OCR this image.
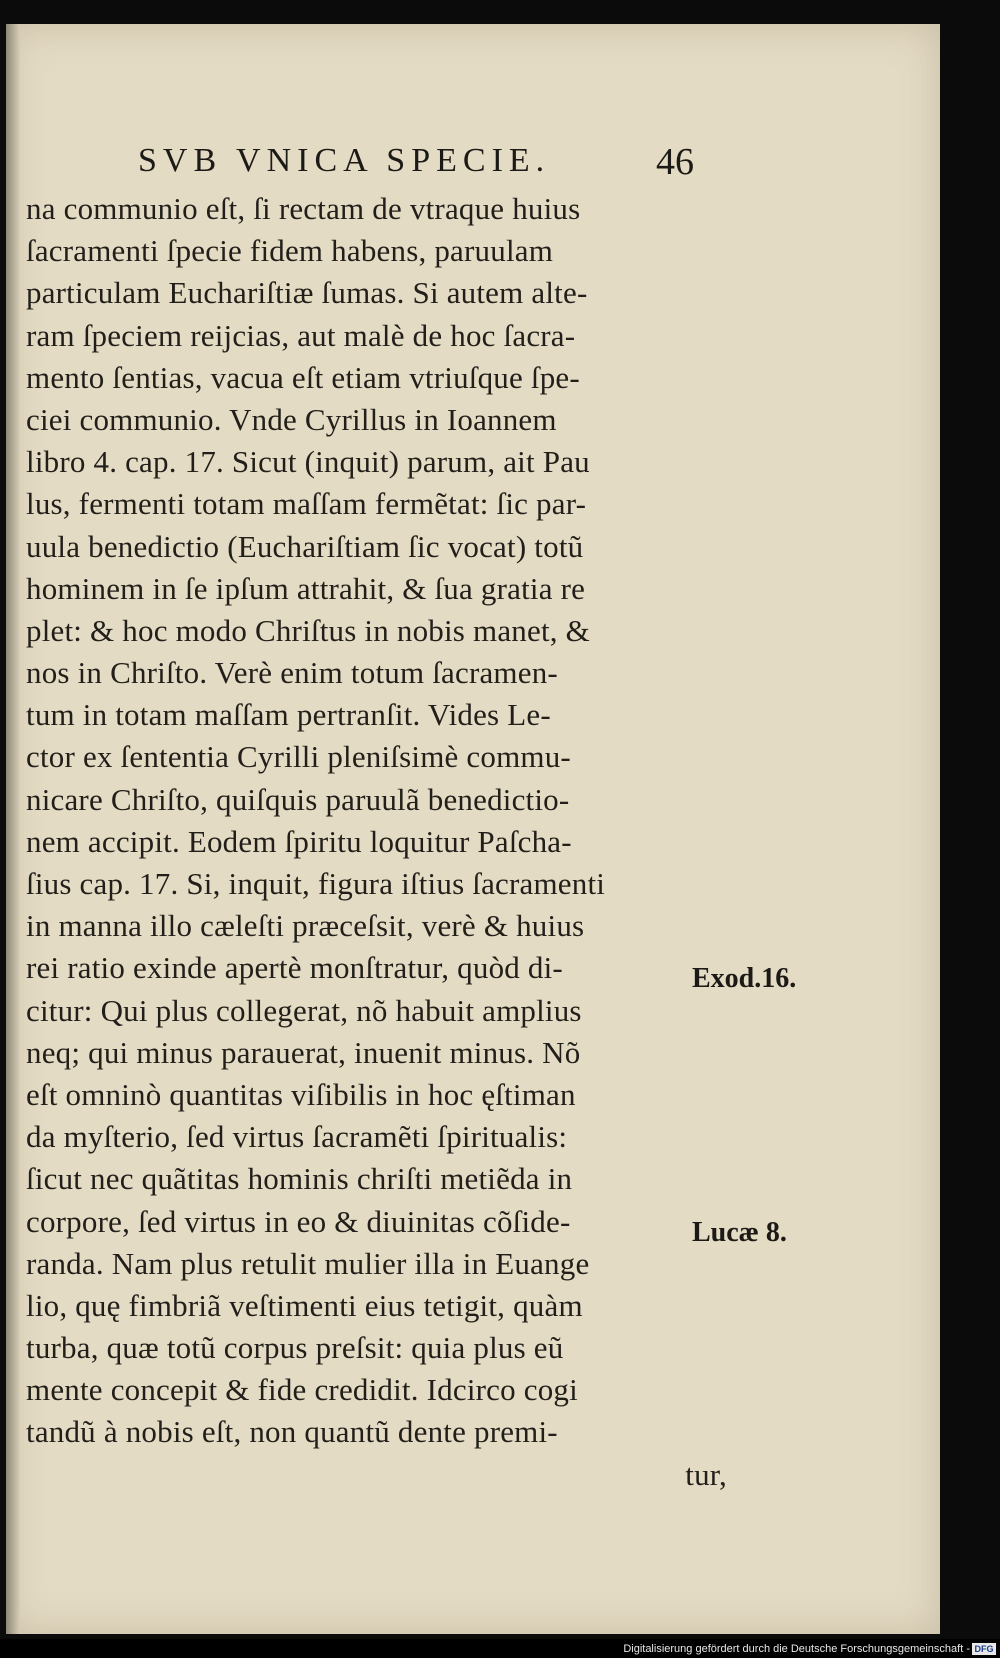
SVB VNICA SPECIE.	46
na communio eſt, ſi rectam de vtraque huius
ſacramenti ſpecie fidem habens, paruulam
particulam Euchariſtiæ ſumas. Si autem alte-
ram ſpeciem reijcias, aut malè de hoc ſacra-
mento ſentias, vacua eſt etiam vtriuſque ſpe-
ciei communio. Vnde Cyrillus in Ioannem
libro 4. cap. 17. Sicut (inquit) parum, ait Pau
lus, fermenti totam maſſam fermẽtat: ſic par-
uula benedictio (Euchariſtiam ſic vocat) totũ
hominem in ſe ipſum attrahit, & ſua gratia re
plet: & hoc modo Chriſtus in nobis manet, &
nos in Chriſto. Verè enim totum ſacramen-
tum in totam maſſam pertranſit. Vides Le-
ctor ex ſententia Cyrilli pleniſsimè commu-
nicare Chriſto, quiſquis paruulã benedictio-
nem accipit. Eodem ſpiritu loquitur Paſcha-
ſius cap. 17. Si, inquit, figura iſtius ſacramenti
in manna illo cæleſti præceſsit, verè & huius
rei ratio exinde apertè monſtratur, quòd di-
citur: Qui plus collegerat, nõ habuit amplius
neq; qui minus parauerat, inuenit minus. Nõ
eſt omninò quantitas viſibilis in hoc ęſtiman
da myſterio, ſed virtus ſacramẽti ſpiritualis:
ſicut nec quãtitas hominis chriſti metiẽda in
corpore, ſed virtus in eo & diuinitas cõſide-
randa. Nam plus retulit mulier illa in Euange
lio, quę fimbriã veſtimenti eius tetigit, quàm
turba, quæ totũ corpus preſsit: quia plus eũ
mente concepit & fide credidit. Idcirco cogi
tandũ à nobis eſt, non quantũ dente premi-
tur,
Exod.16.
Lucæ 8.
Digitalisierung gefördert durch die Deutsche Forschungsgemeinschaft - DFG
